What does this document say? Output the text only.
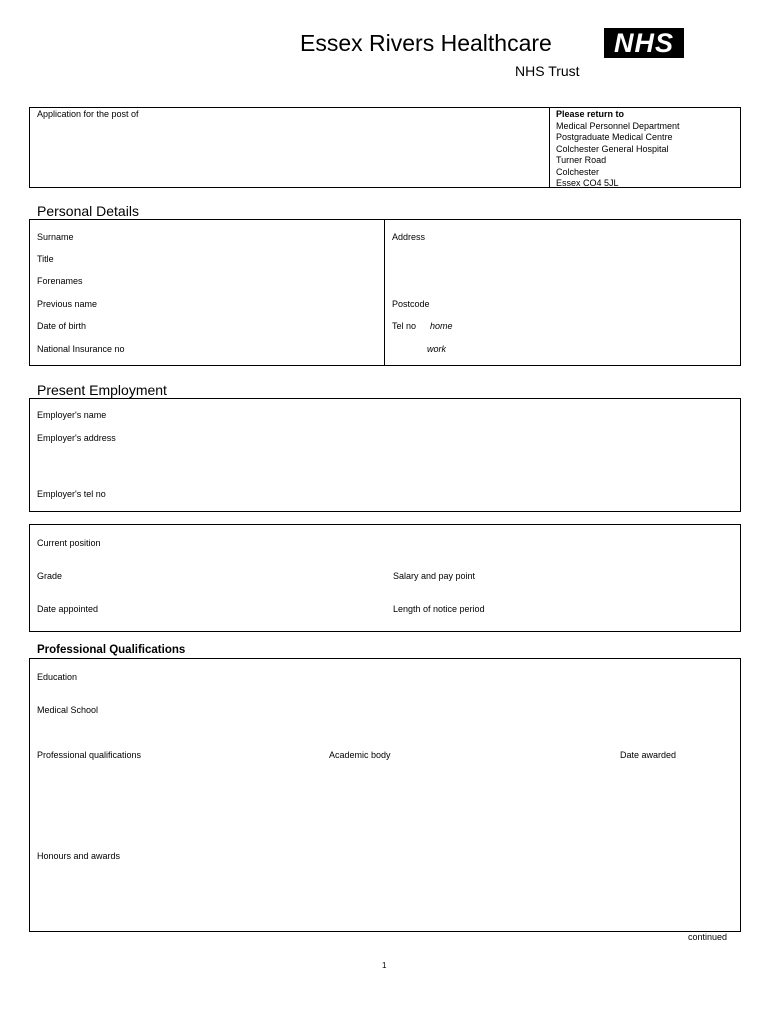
Essex Rivers Healthcare	NHS
NHS Trust
Application for the post of	Please return to
Medical Personnel Department
Postgraduate Medical Centre
Colchester General Hospital
Turner Road
Colchester
Essex CO4 5JL
Personal Details
Surname
Title
Forenames
Previous name
Date of birth
National Insurance no
Address
Postcode
Tel no home
work
Present Employment
Employer's name
Employer's address
Employer's tel no
Current position
Grade	Salary and pay point
Date appointed	Length of notice period
Professional Qualifications
Education
Medical School
Professional qualifications	Academic body	Date awarded
Honours and awards
continued
1
